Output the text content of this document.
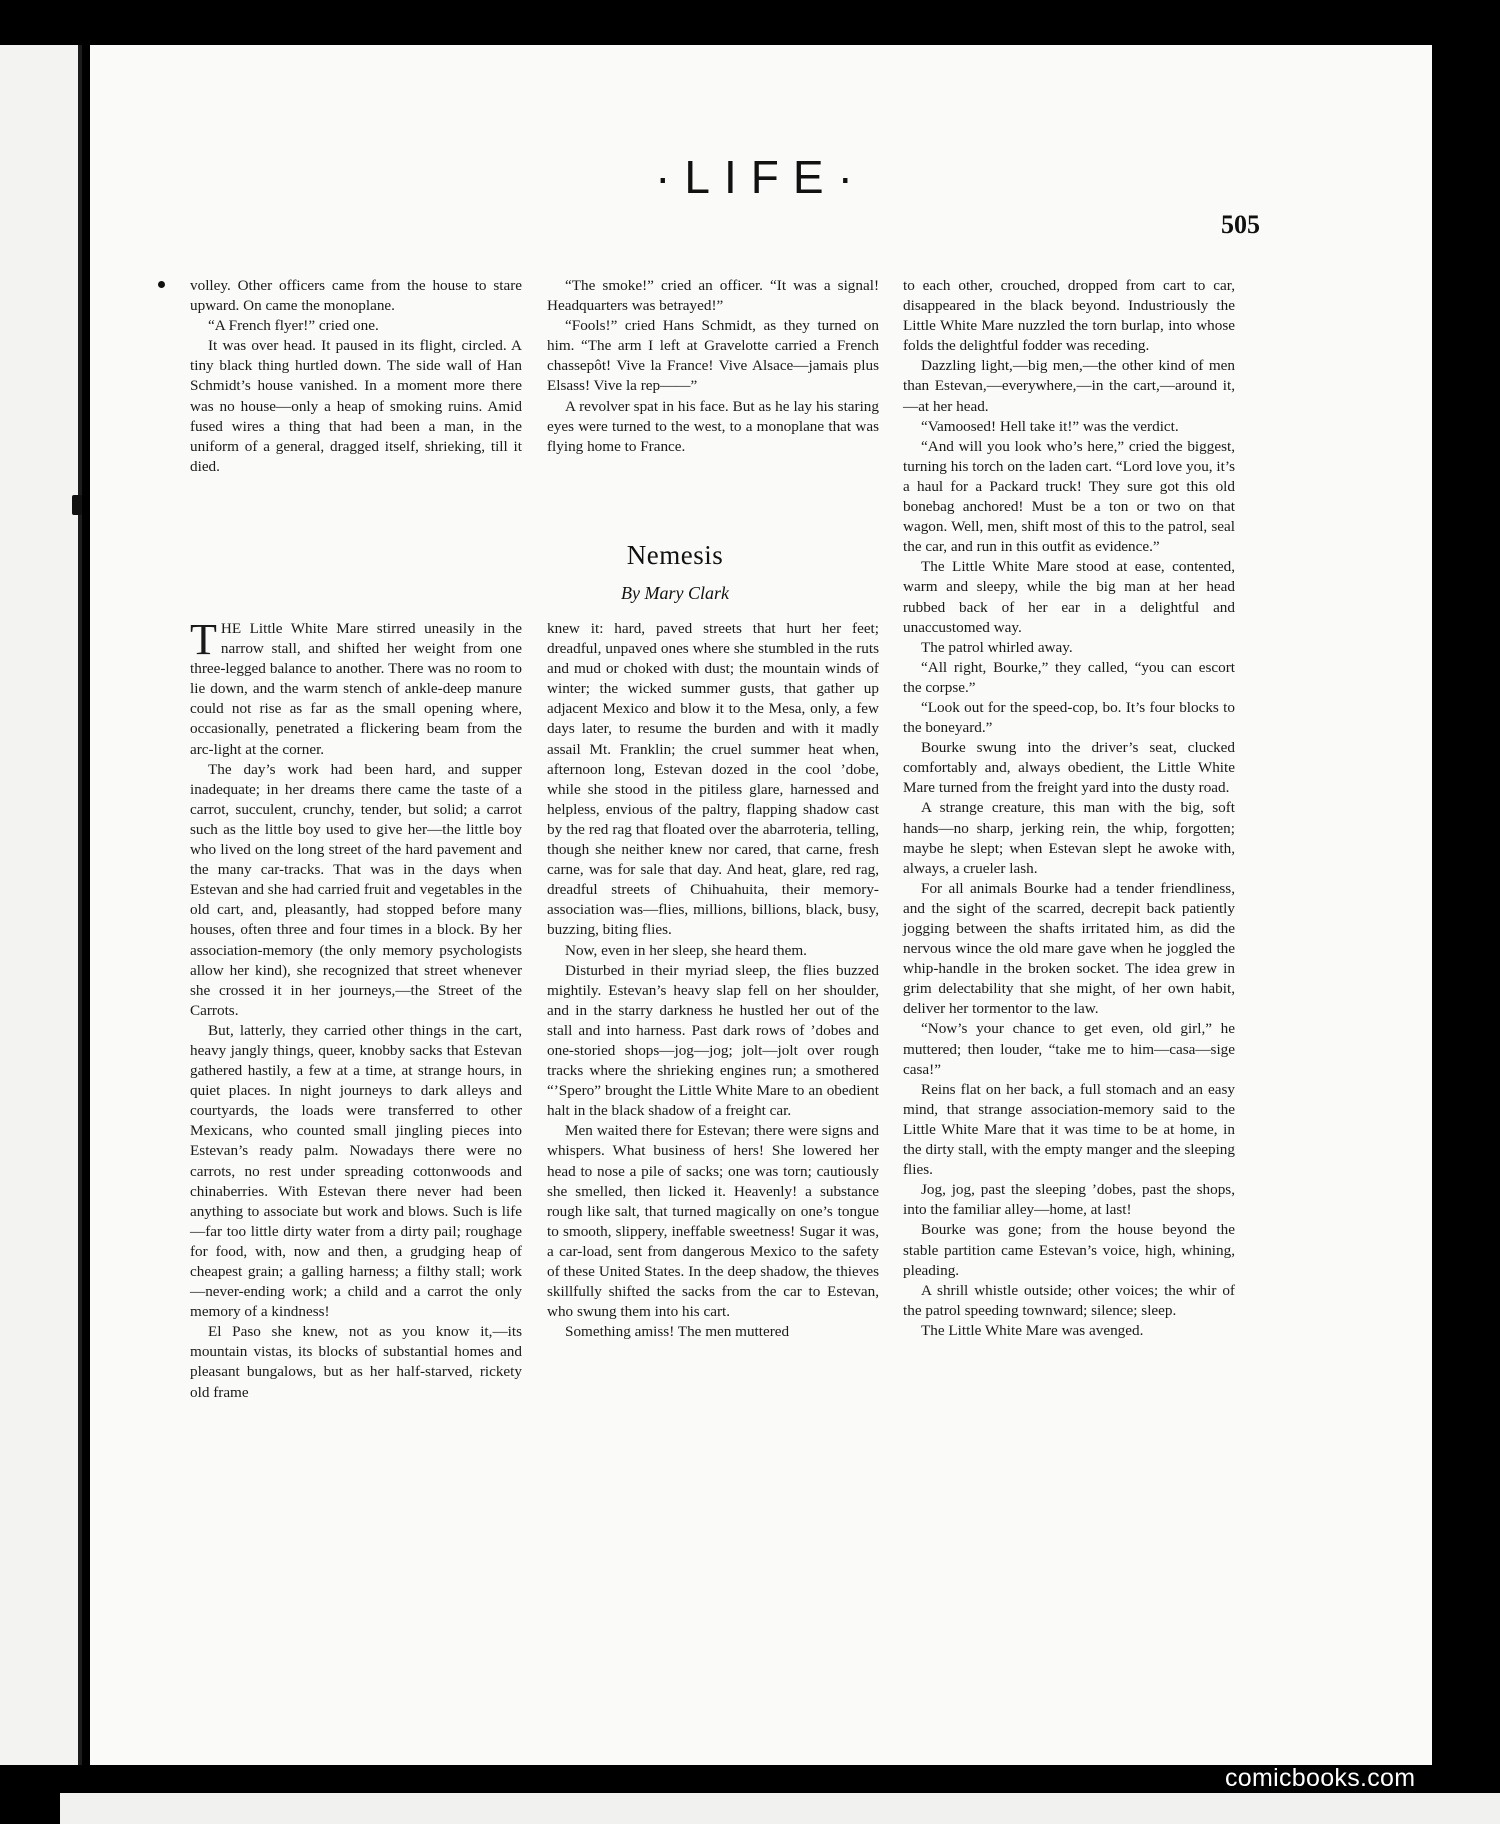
·LIFE·
505

volley. Other officers came from the house to stare upward. On came the monoplane.

“A French flyer!” cried one.

It was over head. It paused in its flight, circled. A tiny black thing hurtled down. The side wall of Han Schmidt’s house vanished. In a moment more there was no house—only a heap of smoking ruins. Amid fused wires a thing that had been a man, in the uniform of a general, dragged itself, shrieking, till it died.

“The smoke!” cried an officer. “It was a signal! Headquarters was betrayed!”

“Fools!” cried Hans Schmidt, as they turned on him. “The arm I left at Gravelotte carried a French chassepôt! Vive la France! Vive Alsace—jamais plus Elsass! Vive la rep——”

A revolver spat in his face. But as he lay his staring eyes were turned to the west, to a monoplane that was flying home to France.

to each other, crouched, dropped from cart to car, disappeared in the black beyond. Industriously the Little White Mare nuzzled the torn burlap, into whose folds the delightful fodder was receding.

Dazzling light,—big men,—the other kind of men than Estevan,—everywhere,—in the cart,—around it,—at her head.

“Vamoosed! Hell take it!” was the verdict.

“And will you look who’s here,” cried the biggest, turning his torch on the laden cart. “Lord love you, it’s a haul for a Packard truck! They sure got this old bonebag anchored! Must be a ton or two on that wagon. Well, men, shift most of this to the patrol, seal the car, and run in this outfit as evidence.”

The Little White Mare stood at ease, contented, warm and sleepy, while the big man at her head rubbed back of her ear in a delightful and unaccustomed way.

The patrol whirled away.

“All right, Bourke,” they called, “you can escort the corpse.”

“Look out for the speed-cop, bo. It’s four blocks to the boneyard.”

Bourke swung into the driver’s seat, clucked comfortably and, always obedient, the Little White Mare turned from the freight yard into the dusty road.

A strange creature, this man with the big, soft hands—no sharp, jerking rein, the whip, forgotten; maybe he slept; when Estevan slept he awoke with, always, a crueler lash.

For all animals Bourke had a tender friendliness, and the sight of the scarred, decrepit back patiently jogging between the shafts irritated him, as did the nervous wince the old mare gave when he joggled the whip-handle in the broken socket. The idea grew in grim delectability that she might, of her own habit, deliver her tormentor to the law.

“Now’s your chance to get even, old girl,” he muttered; then louder, “take me to him—casa—sige casa!”

Reins flat on her back, a full stomach and an easy mind, that strange association-memory said to the Little White Mare that it was time to be at home, in the dirty stall, with the empty manger and the sleeping flies.

Jog, jog, past the sleeping ’dobes, past the shops, into the familiar alley—home, at last!

Bourke was gone; from the house beyond the stable partition came Estevan’s voice, high, whining, pleading.

A shrill whistle outside; other voices; the whir of the patrol speeding townward; silence; sleep.

The Little White Mare was avenged.

Nemesis
By Mary Clark

THE Little White Mare stirred uneasily in the narrow stall, and shifted her weight from one three-legged balance to another. There was no room to lie down, and the warm stench of ankle-deep manure could not rise as far as the small opening where, occasionally, penetrated a flickering beam from the arc-light at the corner.

The day’s work had been hard, and supper inadequate; in her dreams there came the taste of a carrot, succulent, crunchy, tender, but solid; a carrot such as the little boy used to give her—the little boy who lived on the long street of the hard pavement and the many car-tracks. That was in the days when Estevan and she had carried fruit and vegetables in the old cart, and, pleasantly, had stopped before many houses, often three and four times in a block. By her association-memory (the only memory psychologists allow her kind), she recognized that street whenever she crossed it in her journeys,—the Street of the Carrots.

But, latterly, they carried other things in the cart, heavy jangly things, queer, knobby sacks that Estevan gathered hastily, a few at a time, at strange hours, in quiet places. In night journeys to dark alleys and courtyards, the loads were transferred to other Mexicans, who counted small jingling pieces into Estevan’s ready palm. Nowadays there were no carrots, no rest under spreading cottonwoods and chinaberries. With Estevan there never had been anything to associate but work and blows. Such is life—far too little dirty water from a dirty pail; roughage for food, with, now and then, a grudging heap of cheapest grain; a galling harness; a filthy stall; work—never-ending work; a child and a carrot the only memory of a kindness!

El Paso she knew, not as you know it,—its mountain vistas, its blocks of substantial homes and pleasant bungalows, but as her half-starved, rickety old frame

knew it: hard, paved streets that hurt her feet; dreadful, unpaved ones where she stumbled in the ruts and mud or choked with dust; the mountain winds of winter; the wicked summer gusts, that gather up adjacent Mexico and blow it to the Mesa, only, a few days later, to resume the burden and with it madly assail Mt. Franklin; the cruel summer heat when, afternoon long, Estevan dozed in the cool ’dobe, while she stood in the pitiless glare, harnessed and helpless, envious of the paltry, flapping shadow cast by the red rag that floated over the abarroteria, telling, though she neither knew nor cared, that carne, fresh carne, was for sale that day. And heat, glare, red rag, dreadful streets of Chihuahuita, their memory-association was—flies, millions, billions, black, busy, buzzing, biting flies.

Now, even in her sleep, she heard them.

Disturbed in their myriad sleep, the flies buzzed mightily. Estevan’s heavy slap fell on her shoulder, and in the starry darkness he hustled her out of the stall and into harness. Past dark rows of ’dobes and one-storied shops—jog—jog; jolt—jolt over rough tracks where the shrieking engines run; a smothered “’Spero” brought the Little White Mare to an obedient halt in the black shadow of a freight car.

Men waited there for Estevan; there were signs and whispers. What business of hers! She lowered her head to nose a pile of sacks; one was torn; cautiously she smelled, then licked it. Heavenly! a substance rough like salt, that turned magically on one’s tongue to smooth, slippery, ineffable sweetness! Sugar it was, a car-load, sent from dangerous Mexico to the safety of these United States. In the deep shadow, the thieves skillfully shifted the sacks from the car to Estevan, who swung them into his cart.

Something amiss! The men muttered

comicbooks.com
